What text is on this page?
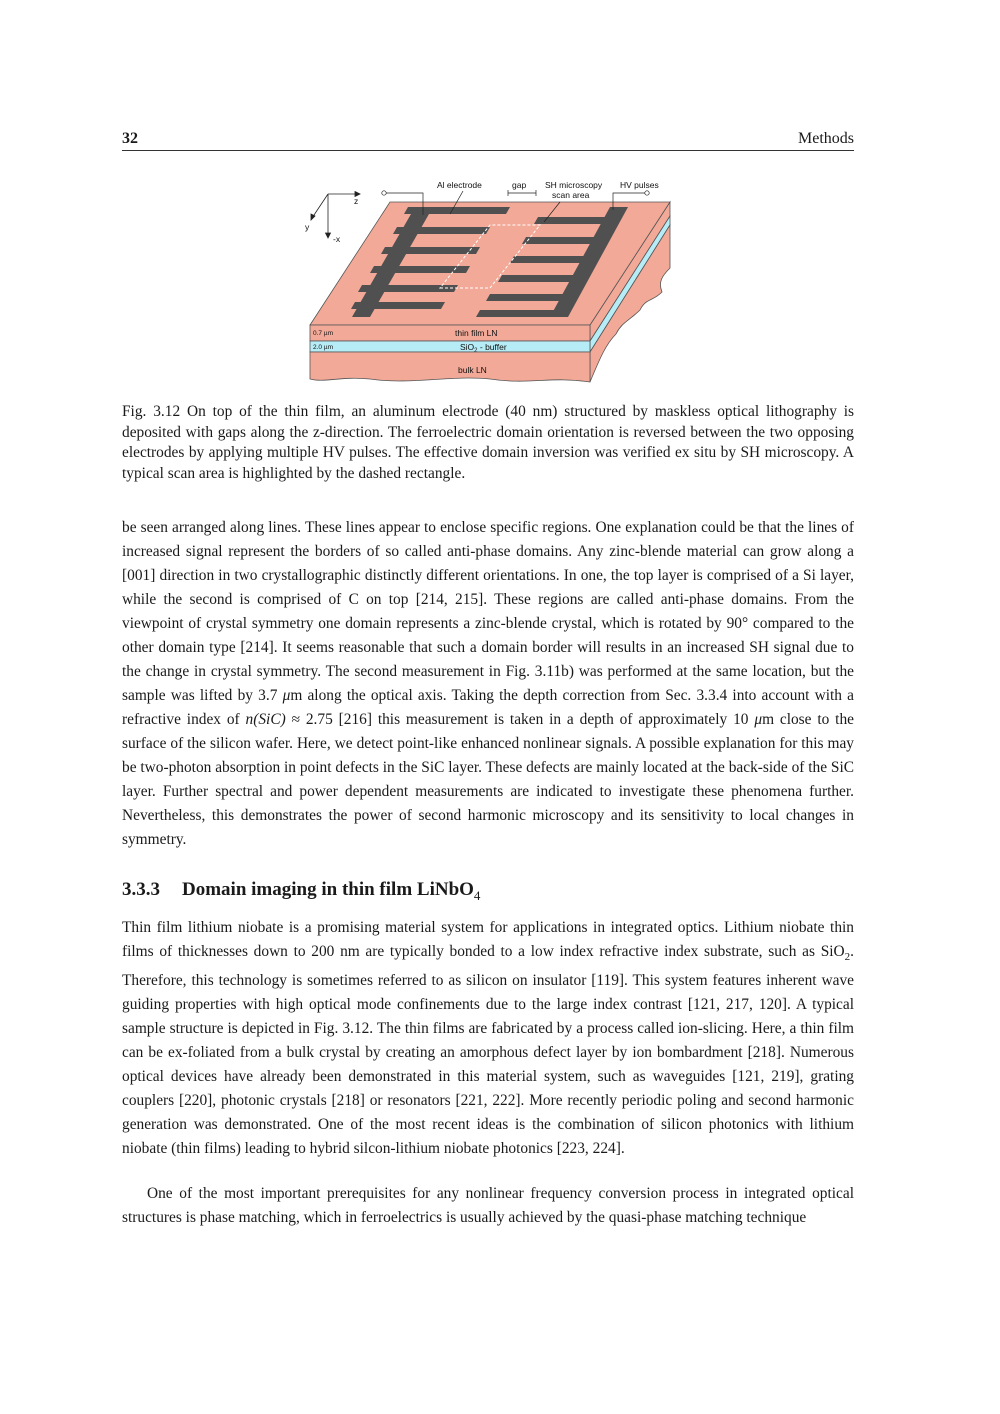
32	Methods
thin film LN
0.7 µm
SiO$_2$ - buffer
2.0 µm
bulk LN
Al electrode	gap SH microscopy
scan area
HV pulses
z
y
-x
Fig. 3.12 On top of the thin film, an aluminum electrode (40 nm) structured by maskless optical lithography is deposited with gaps along the z-direction. The ferroelectric domain orientation is reversed between the two opposing electrodes by applying multiple HV pulses. The effective domain inversion was verified ex situ by SH microscopy. A typical scan area is highlighted by the dashed rectangle.
be seen arranged along lines. These lines appear to enclose specific regions. One explanation could be that the lines of increased signal represent the borders of so called anti-phase domains. Any zinc-blende material can grow along a [001] direction in two crystallographic distinctly different orientations. In one, the top layer is comprised of a Si layer, while the second is comprised of C on top [214, 215]. These regions are called anti-phase domains. From the viewpoint of crystal symmetry one domain represents a zinc-blende crystal, which is rotated by 90° compared to the other domain type [214]. It seems reasonable that such a domain border will results in an increased SH signal due to the change in crystal symmetry. The second measurement in Fig. 3.11b) was performed at the same location, but the sample was lifted by 3.7 μm along the optical axis. Taking the depth correction from Sec. 3.3.4 into account with a refractive index of n(SiC) ≈ 2.75 [216] this measurement is taken in a depth of approximately 10 μm close to the surface of the silicon wafer. Here, we detect point-like enhanced nonlinear signals. A possible explanation for this may be two-photon absorption in point defects in the SiC layer. These defects are mainly located at the back-side of the SiC layer. Further spectral and power dependent measurements are indicated to investigate these phenomena further. Nevertheless, this demonstrates the power of second harmonic microscopy and its sensitivity to local changes in symmetry.
3.3.3 Domain imaging in thin film LiNbO$_4$
Thin film lithium niobate is a promising material system for applications in integrated optics. Lithium niobate thin films of thicknesses down to 200 nm are typically bonded to a low index refractive index substrate, such as SiO$_2$. Therefore, this technology is sometimes referred to as silicon on insulator [119]. This system features inherent wave guiding properties with high optical mode confinements due to the large index contrast [121, 217, 120]. A typical sample structure is depicted in Fig. 3.12. The thin films are fabricated by a process called ion-slicing. Here, a thin film can be ex-foliated from a bulk crystal by creating an amorphous defect layer by ion bombardment [218]. Numerous optical devices have already been demonstrated in this material system, such as waveguides [121, 219], grating couplers [220], photonic crystals [218] or resonators [221, 222]. More recently periodic poling and second harmonic generation was demonstrated. One of the most recent ideas is the combination of silicon photonics with lithium niobate (thin films) leading to hybrid silcon-lithium niobate photonics [223, 224].
One of the most important prerequisites for any nonlinear frequency conversion process in integrated optical structures is phase matching, which in ferroelectrics is usually achieved by the quasi-phase matching technique
